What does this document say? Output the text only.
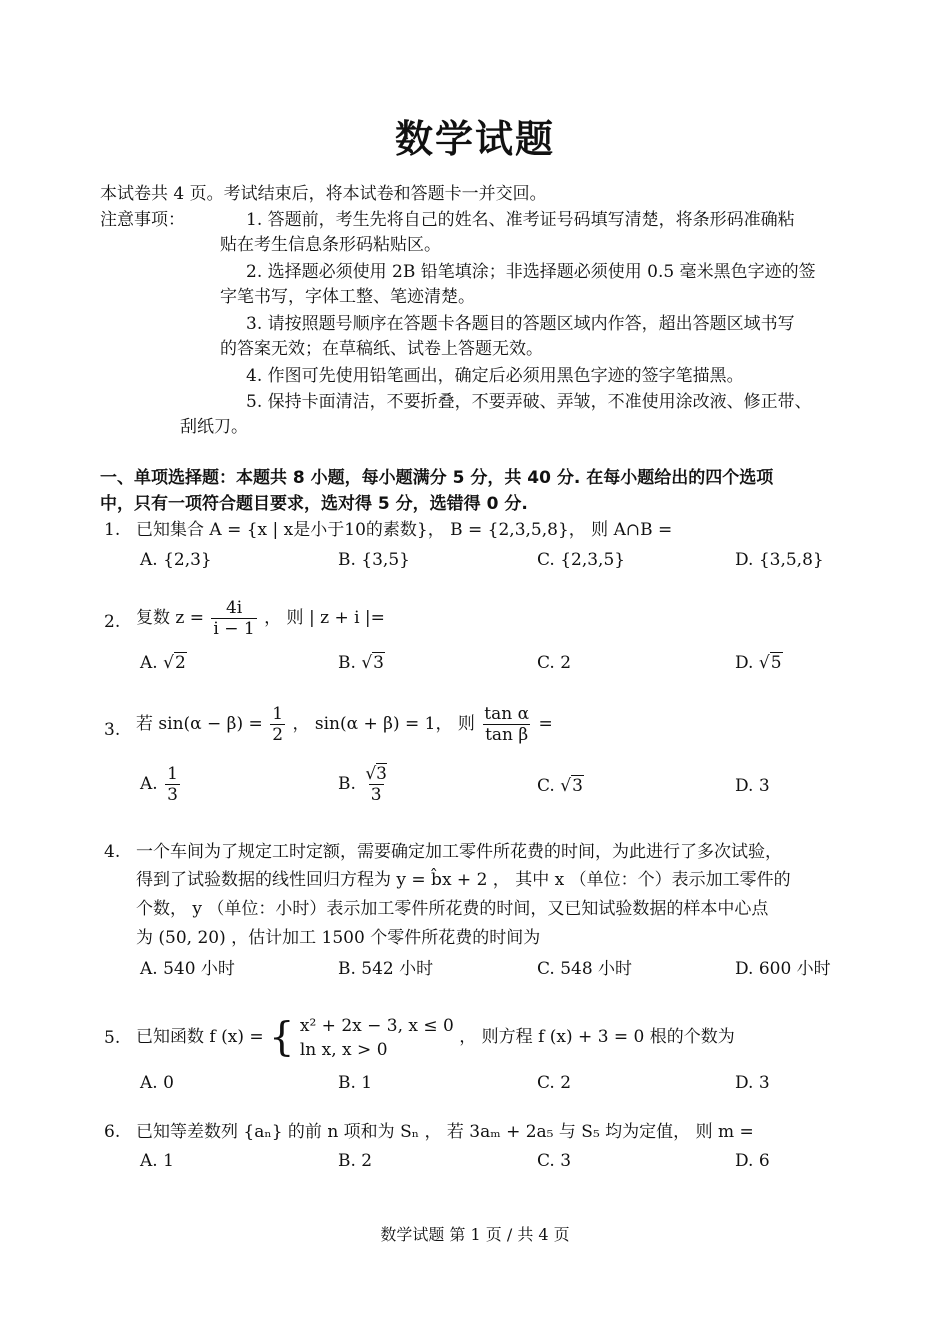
数学试题
本试卷共 4 页。考试结束后，将本试卷和答题卡一并交回。
注意事项：	1. 答题前，考生先将自己的姓名、准考证号码填写清楚，将条形码准确粘
贴在考生信息条形码粘贴区。
2. 选择题必须使用 2B 铅笔填涂；非选择题必须使用 0.5 毫米黑色字迹的签
字笔书写，字体工整、笔迹清楚。
3. 请按照题号顺序在答题卡各题目的答题区域内作答，超出答题区域书写
的答案无效；在草稿纸、试卷上答题无效。
4. 作图可先使用铅笔画出，确定后必须用黑色字迹的签字笔描黑。
5. 保持卡面清洁，不要折叠，不要弄破、弄皱，不准使用涂改液、修正带、
刮纸刀。
一、单项选择题：本题共 8 小题，每小题满分 5 分，共 40 分. 在每小题给出的四个选项
中，只有一项符合题目要求，选对得 5 分，选错得 0 分.
1. 已知集合 A = {x | x是小于10的素数}， B = {2,3,5,8}， 则 A∩B =
A. {2,3}	B. {3,5}	C. {2,3,5}	D. {3,5,8}
2. 复数 $z = \frac{4i}{i - 1}$ ， 则 | z + i |=
A. √2	B. √3	C. 2	D. √5
3. 若 $\sin(\alpha - \beta) = \frac{1}{2}$ ， sin(α + β) = 1， 则 $\frac{\text{tan α}}{\text{tan β}}$ =
A. $\frac{1}{3}$	B. $\frac{√3}{3}$	C. √3	D. 3
4. 一个车间为了规定工时定额，需要确定加工零件所花费的时间，为此进行了多次试验，
得到了试验数据的线性回归方程为 y = b̂x + 2 ， 其中 x （单位：个）表示加工零件的
个数， y （单位：小时）表示加工零件所花费的时间，又已知试验数据的样本中心点
为 (50, 20) ，估计加工 1500 个零件所花费的时间为
A. 540 小时	B. 542 小时	C. 548 小时	D. 600 小时
5. 已知函数 f (x) = { x² + 2x − 3, x ≤ 0
ln x, x > 0
， 则方程 f (x) + 3 = 0 根的个数为
A. 0	B. 1	C. 2	D. 3
6. 已知等差数列 {aₙ} 的前 n 项和为 Sₙ ， 若 3aₘ + 2a₅ 与 S₅ 均为定值， 则 m =
A. 1	B. 2	C. 3	D. 6
数学试题 第 1 页 / 共 4 页
